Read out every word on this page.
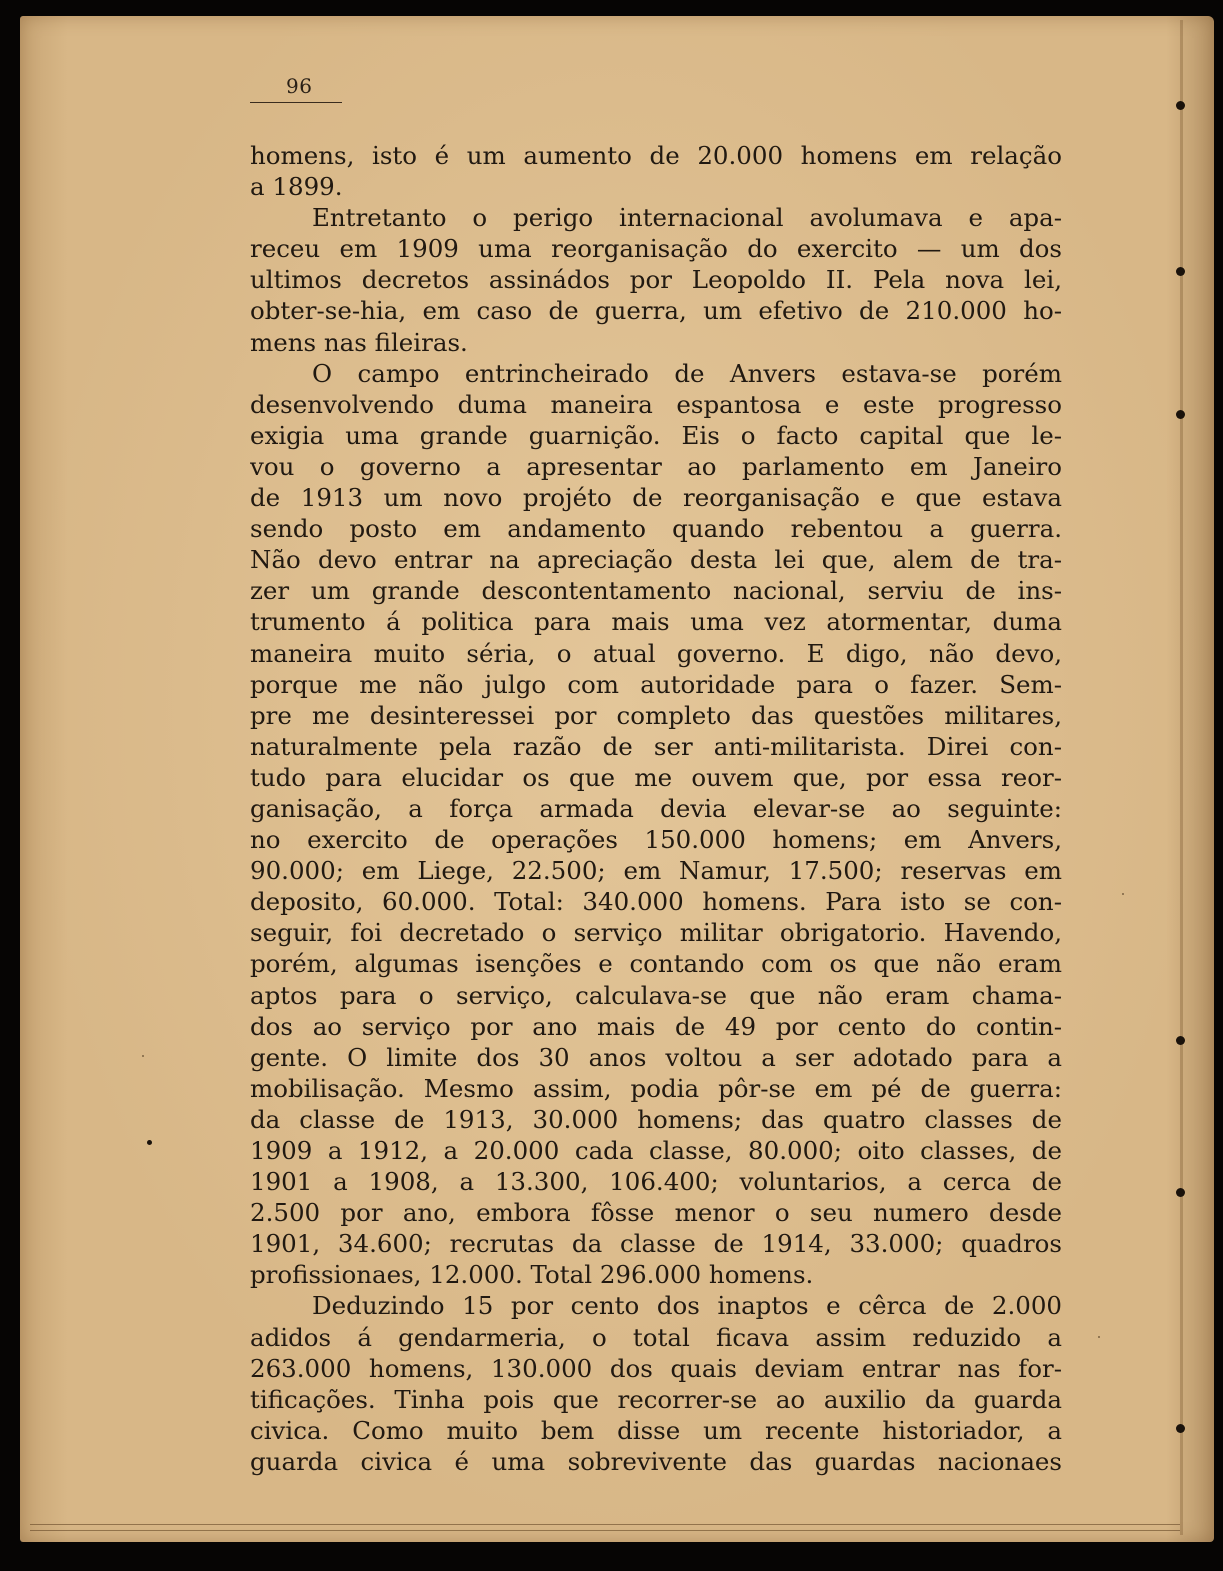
96
homens, isto é um aumento de 20.000 homens em relação
a 1899.
Entretanto o perigo internacional avolumava e apa-
receu em 1909 uma reorganisação do exercito — um dos
ultimos decretos assinádos por Leopoldo II. Pela nova lei,
obter-se-hia, em caso de guerra, um efetivo de 210.000 ho-
mens nas fileiras.
O campo entrincheirado de Anvers estava-se porém
desenvolvendo duma maneira espantosa e este progresso
exigia uma grande guarnição. Eis o facto capital que le-
vou o governo a apresentar ao parlamento em Janeiro
de 1913 um novo projéto de reorganisação e que estava
sendo posto em andamento quando rebentou a guerra.
Não devo entrar na apreciação desta lei que, alem de tra-
zer um grande descontentamento nacional, serviu de ins-
trumento á politica para mais uma vez atormentar, duma
maneira muito séria, o atual governo. E digo, não devo,
porque me não julgo com autoridade para o fazer. Sem-
pre me desinteressei por completo das questões militares,
naturalmente pela razão de ser anti-militarista. Direi con-
tudo para elucidar os que me ouvem que, por essa reor-
ganisação, a força armada devia elevar-se ao seguinte:
no exercito de operações 150.000 homens; em Anvers,
90.000; em Liege, 22.500; em Namur, 17.500; reservas em
deposito, 60.000. Total: 340.000 homens. Para isto se con-
seguir, foi decretado o serviço militar obrigatorio. Havendo,
porém, algumas isenções e contando com os que não eram
aptos para o serviço, calculava-se que não eram chama-
dos ao serviço por ano mais de 49 por cento do contin-
gente. O limite dos 30 anos voltou a ser adotado para a
mobilisação. Mesmo assim, podia pôr-se em pé de guerra:
da classe de 1913, 30.000 homens; das quatro classes de
1909 a 1912, a 20.000 cada classe, 80.000; oito classes, de
1901 a 1908, a 13.300, 106.400; voluntarios, a cerca de
2.500 por ano, embora fôsse menor o seu numero desde
1901, 34.600; recrutas da classe de 1914, 33.000; quadros
profissionaes, 12.000. Total 296.000 homens.
Deduzindo 15 por cento dos inaptos e cêrca de 2.000
adidos á gendarmeria, o total ficava assim reduzido a
263.000 homens, 130.000 dos quais deviam entrar nas for-
tificações. Tinha pois que recorrer-se ao auxilio da guarda
civica. Como muito bem disse um recente historiador, a
guarda civica é uma sobrevivente das guardas nacionaes
